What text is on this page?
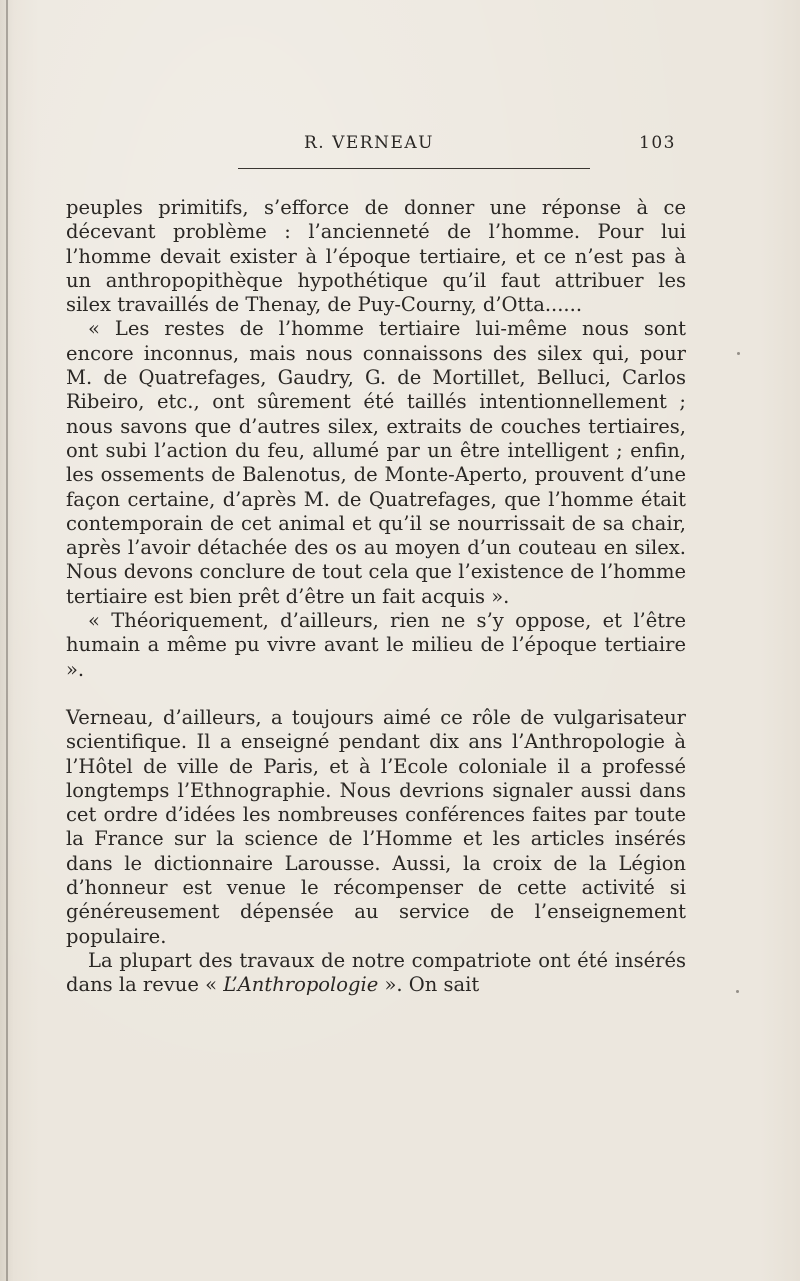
R. VERNEAU	103

peuples primitifs, s’efforce de donner une réponse à ce décevant problème : l’ancienneté de l’homme. Pour lui l’homme devait exister à l’époque tertiaire, et ce n’est pas à un anthropopithèque hypothétique qu’il faut attribuer les silex travaillés de Thenay, de Puy-Courny, d’Otta......

« Les restes de l’homme tertiaire lui-même nous sont encore inconnus, mais nous connaissons des silex qui, pour M. de Quatrefages, Gaudry, G. de Mortillet, Belluci, Carlos Ribeiro, etc., ont sûrement été taillés intentionnellement ; nous savons que d’autres silex, extraits de couches tertiaires, ont subi l’action du feu, allumé par un être intelligent ; enfin, les ossements de Balenotus, de Monte-Aperto, prouvent d’une façon certaine, d’après M. de Quatrefages, que l’homme était contemporain de cet animal et qu’il se nourrissait de sa chair, après l’avoir détachée des os au moyen d’un couteau en silex. Nous devons conclure de tout cela que l’existence de l’homme tertiaire est bien prêt d’être un fait acquis ».

« Théoriquement, d’ailleurs, rien ne s’y oppose, et l’être humain a même pu vivre avant le milieu de l’époque tertiaire ».

Verneau, d’ailleurs, a toujours aimé ce rôle de vulgarisateur scientifique. Il a enseigné pendant dix ans l’Anthropologie à l’Hôtel de ville de Paris, et à l’Ecole coloniale il a professé longtemps l’Ethnographie. Nous devrions signaler aussi dans cet ordre d’idées les nombreuses conférences faites par toute la France sur la science de l’Homme et les articles insérés dans le dictionnaire Larousse. Aussi, la croix de la Légion d’honneur est venue le récompenser de cette activité si généreusement dépensée au service de l’enseignement populaire.

La plupart des travaux de notre compatriote ont été insérés dans la revue « L’Anthropologie ». On sait
